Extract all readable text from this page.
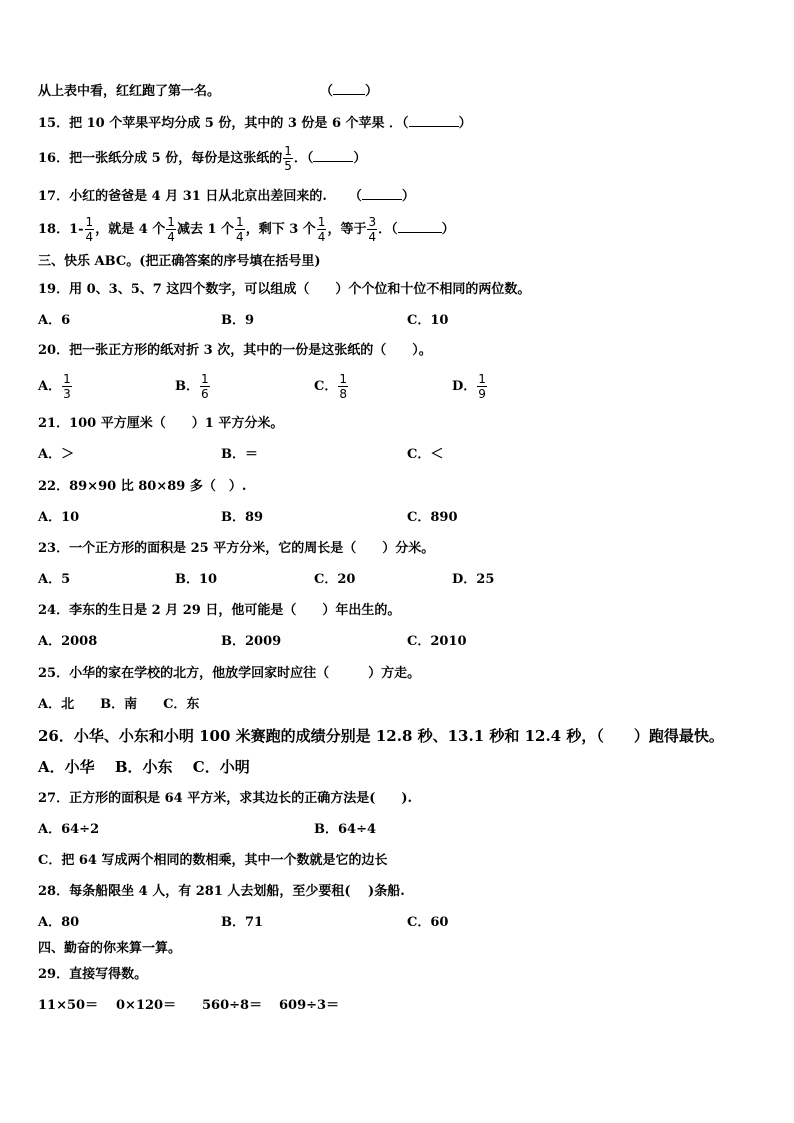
从上表中看，红红跑了第一名。	（ ）
15．把 10 个苹果平均分成 5 份，其中的 3 份是 6 个苹果 ．（	）
16．把一张纸分成 5 份，每份是这张纸的 $\frac{1}{5}$ ．（	）
17．小红的爸爸是 4 月 31 日从北京出差回来的. （	）
18．$1- \frac{1}{4}$ ，就是 4 个 $\frac{1}{4}$ 减去 1 个 $\frac{1}{4}$ ，剩下 3 个 $\frac{1}{4}$ ，等于 $\frac{3}{4}$ ．（	）
三、快乐 ABC。(把正确答案的序号填在括号里)
19．用 0、3、5、7 这四个数字，可以组成（　　）个个位和十位不相同的两位数。
A．6	B．9	C．10
20．把一张正方形的纸对折 3 次，其中的一份是这张纸的（　　）。
A． $\frac{1}{3}$	B． $\frac{1}{6}$	C． $\frac{1}{8}$	D． $\frac{1}{9}$
21．100 平方厘米（　　）1 平方分米。
A．＞	B．＝	C．＜
22．89×90 比 80×89 多（　）.
A．10	B．89	C．890
23．一个正方形的面积是 25 平方分米，它的周长是（　　）分米。
A．5	B．10	C．20	D．25
24．李东的生日是 2 月 29 日，他可能是（　　）年出生的。
A．2008	B．2009	C．2010
25．小华的家在学校的北方，他放学回家时应往（　　　）方走。
A．北　　B．南　　C．东
26．小华、小东和小明 100 米赛跑的成绩分别是 12.8 秒、13.1 秒和 12.4 秒，（　　）跑得最快。
A．小华　 B．小东　 C．小明
27．正方形的面积是 64 平方米，求其边长的正确方法是(　　).
A．64÷2	B．64÷4
C．把 64 写成两个相同的数相乘，其中一个数就是它的边长
28．每条船限坐 4 人，有 281 人去划船，至少要租(　 )条船.
A．80	B．71	C．60
四、勤奋的你来算一算。
29．直接写得数。
11×50＝ 0×120＝ 560÷8＝ 609÷3＝
